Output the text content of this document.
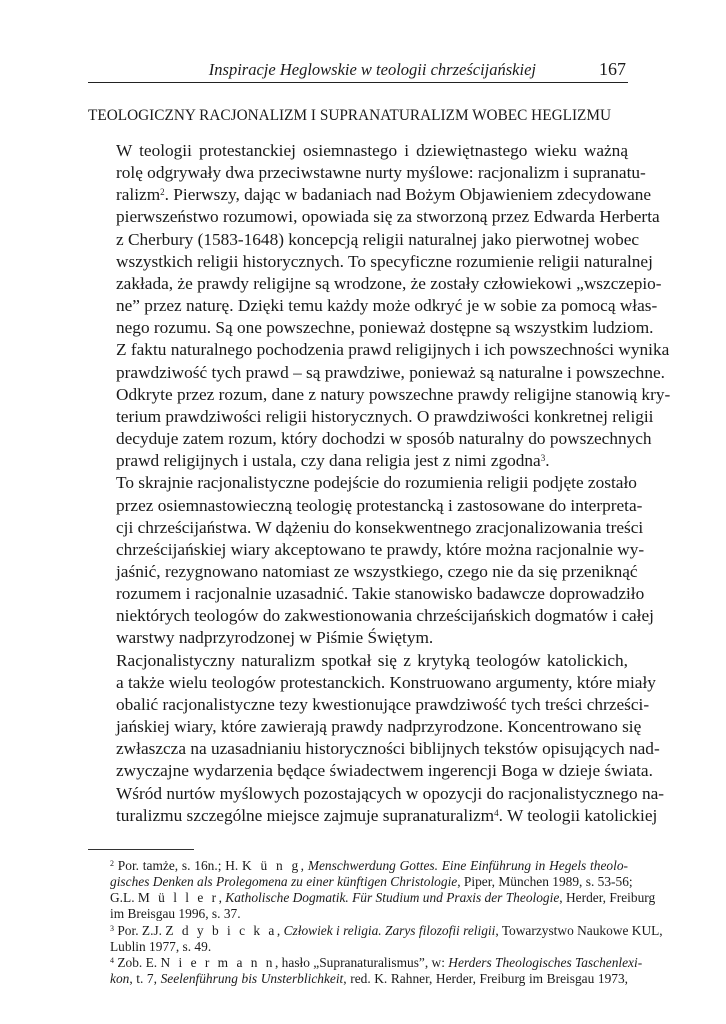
Inspiracje Heglowskie w teologii chrześcijańskiej	167
TEOLOGICZNY RACJONALIZM I SUPRANATURALIZM WOBEC HEGLIZMU

W teologii protestanckiej osiemnastego i dziewiętnastego wieku ważną
rolę odgrywały dwa przeciwstawne nurty myślowe: racjonalizm i supranatu-
ralizm$^2$. Pierwszy, dając w badaniach nad Bożym Objawieniem zdecydowane
pierwszeństwo rozumowi, opowiada się za stworzoną przez Edwarda Herberta
z Cherbury (1583-1648) koncepcją religii naturalnej jako pierwotnej wobec
wszystkich religii historycznych. To specyficzne rozumienie religii naturalnej
zakłada, że prawdy religijne są wrodzone, że zostały człowiekowi „wszczepio-
ne” przez naturę. Dzięki temu każdy może odkryć je w sobie za pomocą włas-
nego rozumu. Są one powszechne, ponieważ dostępne są wszystkim ludziom.
Z faktu naturalnego pochodzenia prawd religijnych i ich powszechności wynika
prawdziwość tych prawd – są prawdziwe, ponieważ są naturalne i powszechne.
Odkryte przez rozum, dane z natury powszechne prawdy religijne stanowią kry-
terium prawdziwości religii historycznych. O prawdziwości konkretnej religii
decyduje zatem rozum, który dochodzi w sposób naturalny do powszechnych
prawd religijnych i ustala, czy dana religia jest z nimi zgodna$^3$.

To skrajnie racjonalistyczne podejście do rozumienia religii podjęte zostało
przez osiemnastowieczną teologię protestancką i zastosowane do interpreta-
cji chrześcijaństwa. W dążeniu do konsekwentnego zracjonalizowania treści
chrześcijańskiej wiary akceptowano te prawdy, które można racjonalnie wy-
jaśnić, rezygnowano natomiast ze wszystkiego, czego nie da się przeniknąć
rozumem i racjonalnie uzasadnić. Takie stanowisko badawcze doprowadziło
niektórych teologów do zakwestionowania chrześcijańskich dogmatów i całej
warstwy nadprzyrodzonej w Piśmie Świętym.

Racjonalistyczny naturalizm spotkał się z krytyką teologów katolickich,
a także wielu teologów protestanckich. Konstruowano argumenty, które miały
obalić racjonalistyczne tezy kwestionujące prawdziwość tych treści chrześci-
jańskiej wiary, które zawierają prawdy nadprzyrodzone. Koncentrowano się
zwłaszcza na uzasadnianiu historyczności biblijnych tekstów opisujących nad-
zwyczajne wydarzenia będące świadectwem ingerencji Boga w dzieje świata.
Wśród nurtów myślowych pozostających w opozycji do racjonalistycznego na-
turalizmu szczególne miejsce zajmuje supranaturalizm$^4$. W teologii katolickiej

$^2$ Por. tamże, s. 16n.; H. K ü n g, Menschwerdung Gottes. Eine Einführung in Hegels theolo-
gisches Denken als Prolegomena zu einer künftigen Christologie, Piper, München 1989, s. 53-56;
G.L. M ü l l e r, Katholische Dogmatik. Für Studium und Praxis der Theologie, Herder, Freiburg
im Breisgau 1996, s. 37.

$^3$ Por. Z.J. Z d y b i c k a, Człowiek i religia. Zarys filozofii religii, Towarzystwo Naukowe KUL,
Lublin 1977, s. 49.

$^4$ Zob. E. N i e r m a n n, hasło „Supranaturalismus”, w: Herders Theologisches Taschenlexi-
kon, t. 7, Seelenführung bis Unsterblichkeit, red. K. Rahner, Herder, Freiburg im Breisgau 1973,
